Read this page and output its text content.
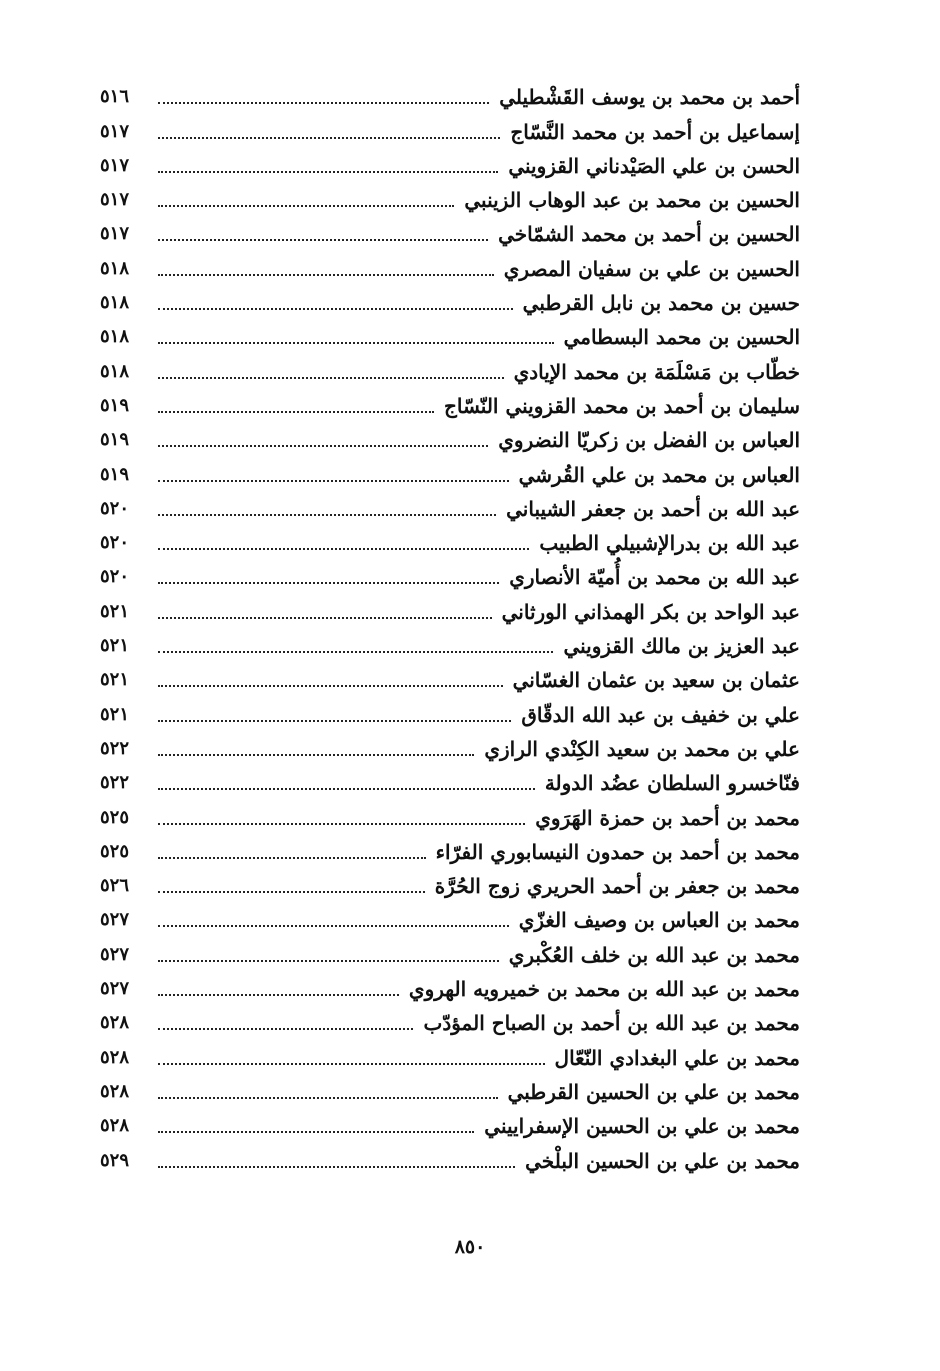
أحمد بن محمد بن يوسف القَشْطيلي
٥١٦
إسماعيل بن أحمد بن محمد النَّسّاج
٥١٧
الحسن بن علي الصَيْدناني القزويني
٥١٧
الحسين بن محمد بن عبد الوهاب الزينبي
٥١٧
الحسين بن أحمد بن محمد الشمّاخي
٥١٧
الحسين بن علي بن سفيان المصري
٥١٨
حسين بن محمد بن نابل القرطبي
٥١٨
الحسين بن محمد البسطامي
٥١٨
خطّاب بن مَسْلَمَة بن محمد الإيادي
٥١٨
سليمان بن أحمد بن محمد القزويني النّسّاج
٥١٩
العباس بن الفضل بن زكريّا النضروي
٥١٩
العباس بن محمد بن علي القُرشي
٥١٩
عبد الله بن أحمد بن جعفر الشيباني
٥٢٠
عبد الله بن بدرالإشبيلي الطبيب
٥٢٠
عبد الله بن محمد بن أُميّة الأنصاري
٥٢٠
عبد الواحد بن بكر الهمذاني الورثاني
٥٢١
عبد العزيز بن مالك القزويني
٥٢١
عثمان بن سعيد بن عثمان الغسّاني
٥٢١
علي بن خفيف بن عبد الله الدقّاق
٥٢١
علي بن محمد بن سعيد الكِنْدي الرازي
٥٢٢
فنّاخسرو السلطان عضُد الدولة
٥٢٢
محمد بن أحمد بن حمزة الهَرَوي
٥٢٥
محمد بن أحمد بن حمدون النيسابوري الفرّاء
٥٢٥
محمد بن جعفر بن أحمد الحريري زوج الحُرَّة
٥٢٦
محمد بن العباس بن وصيف الغزّي
٥٢٧
محمد بن عبد الله بن خلف العُكْبري
٥٢٧
محمد بن عبد الله بن محمد بن خميرويه الهروي
٥٢٧
محمد بن عبد الله بن أحمد بن الصباح المؤدّب
٥٢٨
محمد بن علي البغدادي النّعّال
٥٢٨
محمد بن علي بن الحسين القرطبي
٥٢٨
محمد بن علي بن الحسين الإسفراييني
٥٢٨
محمد بن علي بن الحسين البلْخي
٥٢٩
٨٥٠
